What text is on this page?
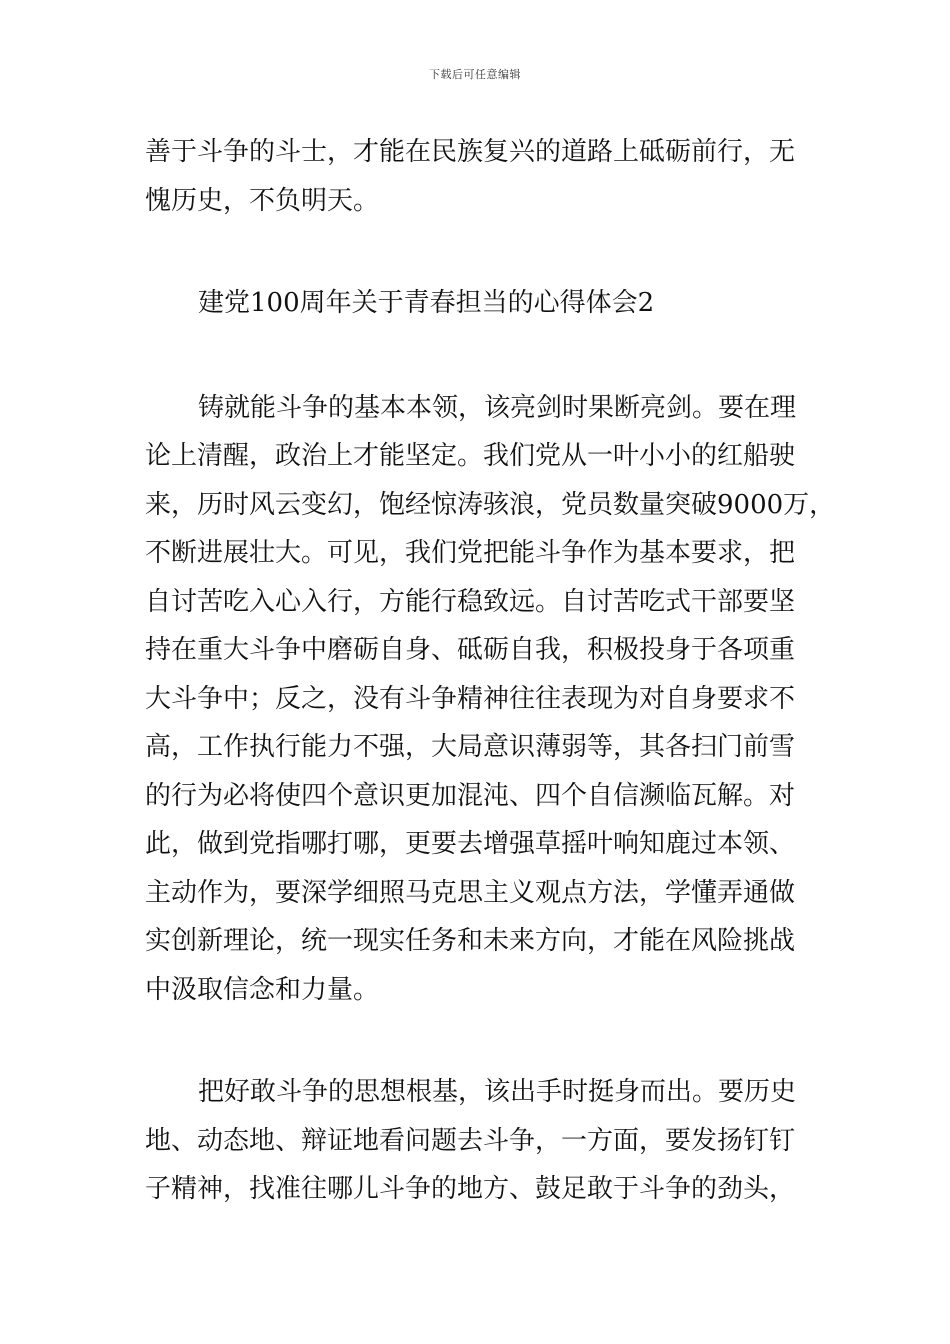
下载后可任意编辑

善于斗争的斗士，才能在民族复兴的道路上砥砺前行，无
愧历史，不负明天。

建党100周年关于青春担当的心得体会2

铸就能斗争的基本本领，该亮剑时果断亮剑。要在理
论上清醒，政治上才能坚定。我们党从一叶小小的红船驶
来，历时风云变幻，饱经惊涛骇浪，党员数量突破9000万，
不断进展壮大。可见，我们党把能斗争作为基本要求，把
自讨苦吃入心入行，方能行稳致远。自讨苦吃式干部要坚
持在重大斗争中磨砺自身、砥砺自我，积极投身于各项重
大斗争中；反之，没有斗争精神往往表现为对自身要求不
高，工作执行能力不强，大局意识薄弱等，其各扫门前雪
的行为必将使四个意识更加混沌、四个自信濒临瓦解。对
此，做到党指哪打哪，更要去增强草摇叶响知鹿过本领、
主动作为，要深学细照马克思主义观点方法，学懂弄通做
实创新理论，统一现实任务和未来方向，才能在风险挑战
中汲取信念和力量。

把好敢斗争的思想根基，该出手时挺身而出。要历史
地、动态地、辩证地看问题去斗争，一方面，要发扬钉钉
子精神，找准往哪儿斗争的地方、鼓足敢于斗争的劲头，
